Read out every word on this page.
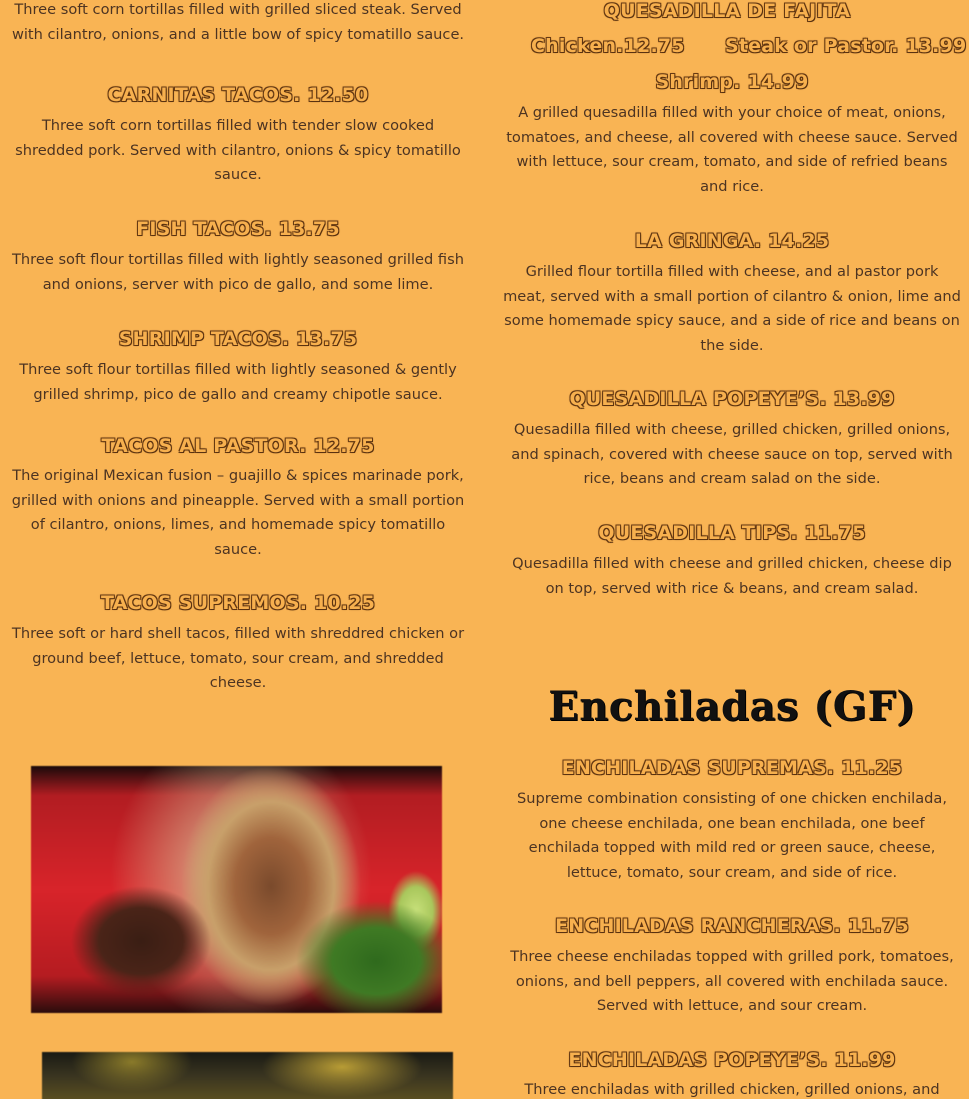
Three soft corn tortillas filled with grilled sliced steak. Served with cilantro, onions, and a little bow of spicy tomatillo sauce.
CARNITAS TACOS. 12.50
Three soft corn tortillas filled with tender slow cooked shredded pork. Served with cilantro, onions & spicy tomatillo sauce.
FISH TACOS. 13.75
Three soft flour tortillas filled with lightly seasoned grilled fish and onions, server with pico de gallo, and some lime.
SHRIMP TACOS. 13.75
Three soft flour tortillas filled with lightly seasoned & gently grilled shrimp, pico de gallo and creamy chipotle sauce.
TACOS AL PASTOR. 12.75
The original Mexican fusion – guajillo & spices marinade pork, grilled with onions and pineapple. Served with a small portion of cilantro, onions, limes, and homemade spicy tomatillo sauce.
TACOS SUPREMOS. 10.25
Three soft or hard shell tacos, filled with shreddred chicken or ground beef, lettuce, tomato, sour cream, and shredded cheese.
QUESADILLA DE FAJITA
Chicken.12.75 Steak or Pastor. 13.99
Shrimp. 14.99
A grilled quesadilla filled with your choice of meat, onions, tomatoes, and cheese, all covered with cheese sauce. Served with lettuce, sour cream, tomato, and side of refried beans and rice.
LA GRINGA. 14.25
Grilled flour tortilla filled with cheese, and al pastor pork meat, served with a small portion of cilantro & onion, lime and some homemade spicy sauce, and a side of rice and beans on the side.
QUESADILLA POPEYE’S. 13.99
Quesadilla filled with cheese, grilled chicken, grilled onions, and spinach, covered with cheese sauce on top, served with rice, beans and cream salad on the side.
QUESADILLA TIPS. 11.75
Quesadilla filled with cheese and grilled chicken, cheese dip on top, served with rice & beans, and cream salad.
Enchiladas (GF)
ENCHILADAS SUPREMAS. 11.25
Supreme combination consisting of one chicken enchilada, one cheese enchilada, one bean enchilada, one beef enchilada topped with mild red or green sauce, cheese, lettuce, tomato, sour cream, and side of rice.
ENCHILADAS RANCHERAS. 11.75
Three cheese enchiladas topped with grilled pork, tomatoes, onions, and bell peppers, all covered with enchilada sauce. Served with lettuce, and sour cream.
ENCHILADAS POPEYE’S. 11.99
Three enchiladas with grilled chicken, grilled onions, and
